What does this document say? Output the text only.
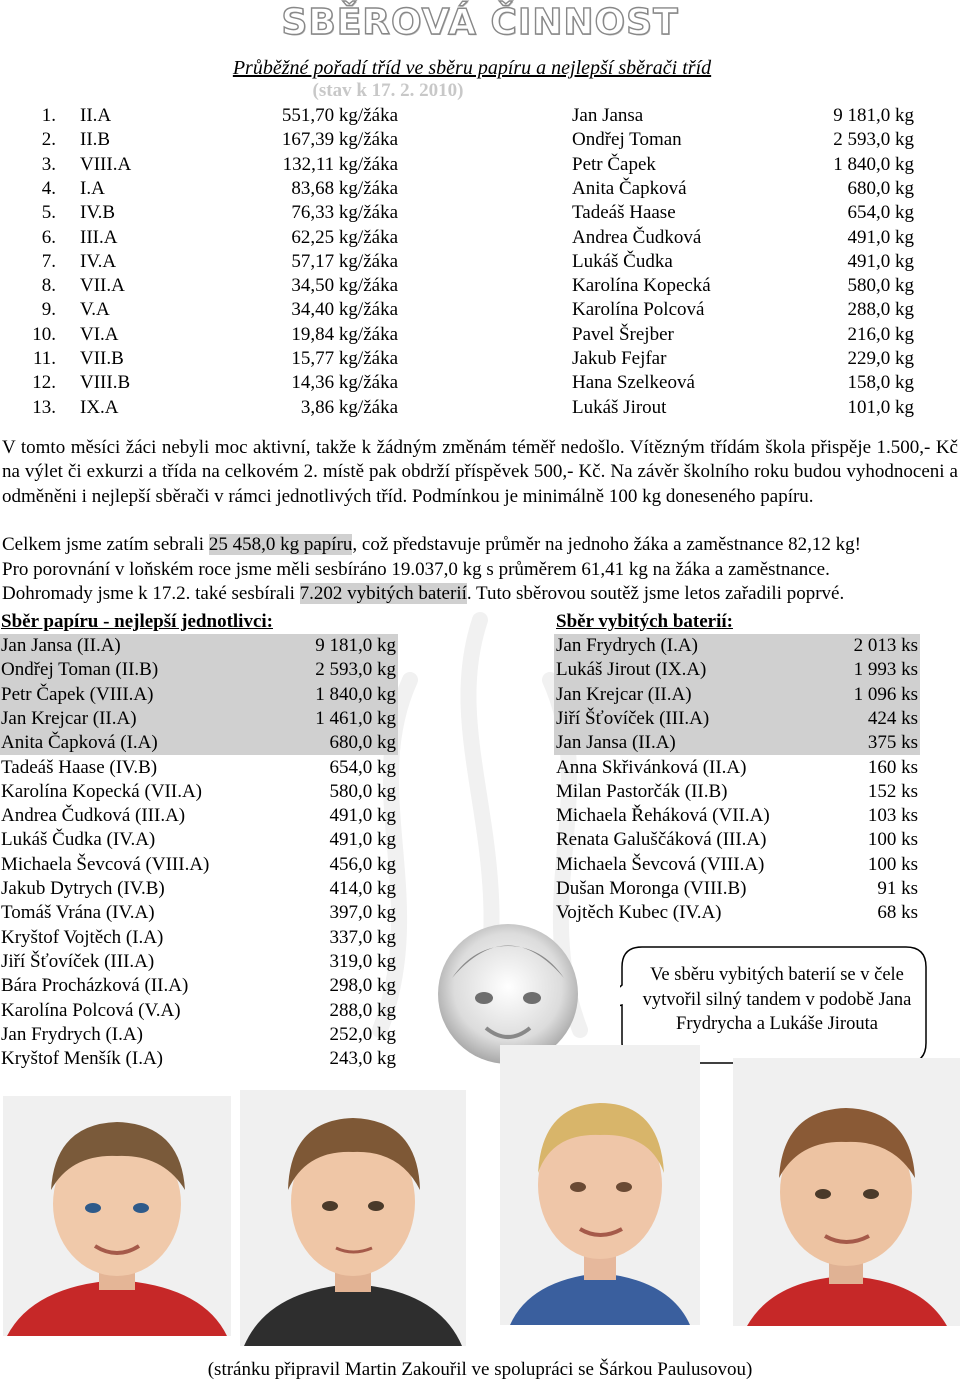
SBĚROVÁ ČINNOST
Průběžné pořadí tříd ve sběru papíru a nejlepší sběrači tříd
(stav k 17. 2. 2010)
1. II.A	551,70 kg/žáka	Jan Jansa	9 181,0 kg
2. II.B	167,39 kg/žáka	Ondřej Toman	2 593,0 kg
3. VIII.A	132,11 kg/žáka	Petr Čapek	1 840,0 kg
4. I.A	83,68 kg/žáka	Anita Čapková	680,0 kg
5. IV.B	76,33 kg/žáka	Tadeáš Haase	654,0 kg
6. III.A	62,25 kg/žáka	Andrea Čudková	491,0 kg
7. IV.A	57,17 kg/žáka	Lukáš Čudka	491,0 kg
8. VII.A	34,50 kg/žáka	Karolína Kopecká	580,0 kg
9. V.A	34,40 kg/žáka	Karolína Polcová	288,0 kg
10. VI.A	19,84 kg/žáka	Pavel Šrejber	216,0 kg
11. VII.B	15,77 kg/žáka	Jakub Fejfar	229,0 kg
12. VIII.B	14,36 kg/žáka	Hana Szelkeová	158,0 kg
13. IX.A	3,86 kg/žáka	Lukáš Jirout	101,0 kg
V tomto měsíci žáci nebyli moc aktivní, takže k žádným změnám téměř nedošlo. Vítězným třídám škola přispěje 1.500,- Kč na výlet či exkurzi a třída na celkovém 2. místě pak obdrží příspěvek 500,- Kč. Na závěr školního roku budou vyhodnoceni a odměněni i nejlepší sběrači v rámci jednotlivých tříd. Podmínkou je minimálně 100 kg doneseného papíru.
Celkem jsme zatím sebrali 25 458,0 kg papíru, což představuje průměr na jednoho žáka a zaměstnance 82,12 kg!
Pro porovnání v loňském roce jsme měli sesbíráno 19.037,0 kg s průměrem 61,41 kg na žáka a zaměstnance.
Dohromady jsme k 17.2. také sesbírali 7.202 vybitých baterií. Tuto sběrovou soutěž jsme letos zařadili poprvé.
Sběr papíru - nejlepší jednotlivci:
Jan Jansa (II.A)	9 181,0 kg
Ondřej Toman (II.B)	2 593,0 kg
Petr Čapek (VIII.A)	1 840,0 kg
Jan Krejcar (II.A)	1 461,0 kg
Anita Čapková (I.A)	680,0 kg
Tadeáš Haase (IV.B)	654,0 kg
Karolína Kopecká (VII.A)	580,0 kg
Andrea Čudková (III.A)	491,0 kg
Lukáš Čudka (IV.A)	491,0 kg
Michaela Ševcová (VIII.A)	456,0 kg
Jakub Dytrych (IV.B)	414,0 kg
Tomáš Vrána (IV.A)	397,0 kg
Kryštof Vojtěch (I.A)	337,0 kg
Jiří Šťovíček (III.A)	319,0 kg
Bára Procházková (II.A)	298,0 kg
Karolína Polcová (V.A)	288,0 kg
Jan Frydrych (I.A)	252,0 kg
Kryštof Menšík (I.A)	243,0 kg
Sběr vybitých baterií:
Jan Frydrych (I.A)	2 013 ks
Lukáš Jirout (IX.A)	1 993 ks
Jan Krejcar (II.A)	1 096 ks
Jiří Šťovíček (III.A)	424 ks
Jan Jansa (II.A)	375 ks
Anna Skřivánková (II.A)	160 ks
Milan Pastorčák (II.B)	152 ks
Michaela Řeháková (VII.A)	103 ks
Renata Galuščáková (III.A)	100 ks
Michaela Ševcová (VIII.A)	100 ks
Dušan Moronga (VIII.B)	91 ks
Vojtěch Kubec (IV.A)	68 ks
Ve sběru vybitých baterií se v čele vytvořil silný tandem v podobě Jana Frydrycha a Lukáše Jirouta
(stránku připravil Martin Zakouřil ve spolupráci se Šárkou Paulusovou)
